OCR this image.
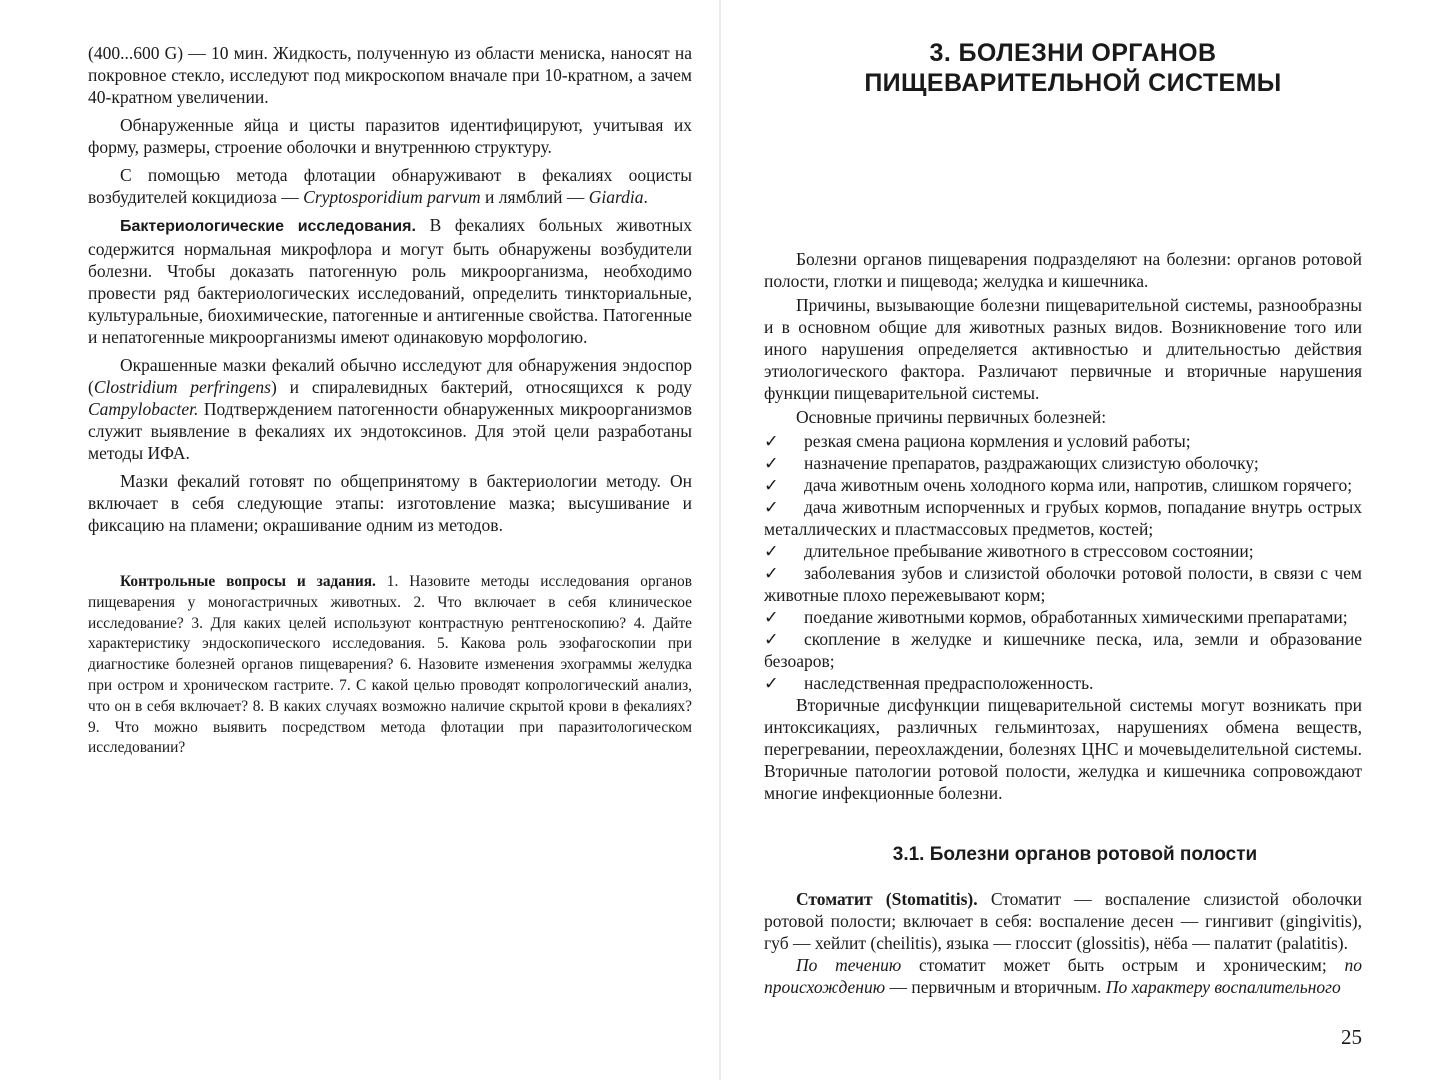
(400...600 G) — 10 мин. Жидкость, полученную из области мениска, наносят на покровное стекло, исследуют под микроскопом вначале при 10-кратном, а зачем 40-кратном увеличении.

Обнаруженные яйца и цисты паразитов идентифицируют, учитывая их форму, размеры, строение оболочки и внутреннюю структуру.

С помощью метода флотации обнаруживают в фекалиях ооцисты возбудителей кокцидиоза — Cryptosporidium parvum и лямблий — Giardia.

Бактериологические исследования. В фекалиях больных животных содержится нормальная микрофлора и могут быть обнаружены возбудители болезни. Чтобы доказать патогенную роль микроорганизма, необходимо провести ряд бактериологических исследований, определить тинкториальные, культуральные, биохимические, патогенные и антигенные свойства. Патогенные и непатогенные микроорганизмы имеют одинаковую морфологию.

Окрашенные мазки фекалий обычно исследуют для обнаружения эндоспор (Clostridium perfringens) и спиралевидных бактерий, относящихся к роду Campylobacter. Подтверждением патогенности обнаруженных микроорганизмов служит выявление в фекалиях их эндотоксинов. Для этой цели разработаны методы ИФА.

Мазки фекалий готовят по общепринятому в бактериологии методу. Он включает в себя следующие этапы: изготовление мазка; высушивание и фиксацию на пламени; окрашивание одним из методов.

Контрольные вопросы и задания. 1. Назовите методы исследования органов пищеварения у моногастричных животных. 2. Что включает в себя клиническое исследование? 3. Для каких целей используют контрастную рентгеноскопию? 4. Дайте характеристику эндоскопического исследования. 5. Какова роль эзофагоскопии при диагностике болезней органов пищеварения? 6. Назовите изменения эхограммы желудка при остром и хроническом гастрите. 7. С какой целью проводят копрологический анализ, что он в себя включает? 8. В каких случаях возможно наличие скрытой крови в фекалиях? 9. Что можно выявить посредством метода флотации при паразитологическом исследовании?

3. БОЛЕЗНИ ОРГАНОВ
ПИЩЕВАРИТЕЛЬНОЙ СИСТЕМЫ

Болезни органов пищеварения подразделяют на болезни: органов ротовой полости, глотки и пищевода; желудка и кишечника.

Причины, вызывающие болезни пищеварительной системы, разнообразны и в основном общие для животных разных видов. Возникновение того или иного нарушения определяется активностью и длительностью действия этиологического фактора. Различают первичные и вторичные нарушения функции пищеварительной системы.

Основные причины первичных болезней:

✓ резкая смена рациона кормления и условий работы;
✓ назначение препаратов, раздражающих слизистую оболочку;
✓ дача животным очень холодного корма или, напротив, слишком горячего;
✓ дача животным испорченных и грубых кормов, попадание внутрь острых металлических и пластмассовых предметов, костей;
✓ длительное пребывание животного в стрессовом состоянии;
✓ заболевания зубов и слизистой оболочки ротовой полости, в связи с чем животные плохо пережевывают корм;
✓ поедание животными кормов, обработанных химическими препаратами;
✓ скопление в желудке и кишечнике песка, ила, земли и образование безоаров;
✓ наследственная предрасположенность.

Вторичные дисфункции пищеварительной системы могут возникать при интоксикациях, различных гельминтозах, нарушениях обмена веществ, перегревании, переохлаждении, болезнях ЦНС и мочевыделительной системы. Вторичные патологии ротовой полости, желудка и кишечника сопровождают многие инфекционные болезни.

3.1. Болезни органов ротовой полости

Стоматит (Stomatitis). Стоматит — воспаление слизистой оболочки ротовой полости; включает в себя: воспаление десен — гингивит (gingivitis), губ — хейлит (cheilitis), языка — глоссит (glossitis), нёба — палатит (palatitis).

По течению стоматит может быть острым и хроническим; по происхождению — первичным и вторичным. По характеру воспалительного

25
